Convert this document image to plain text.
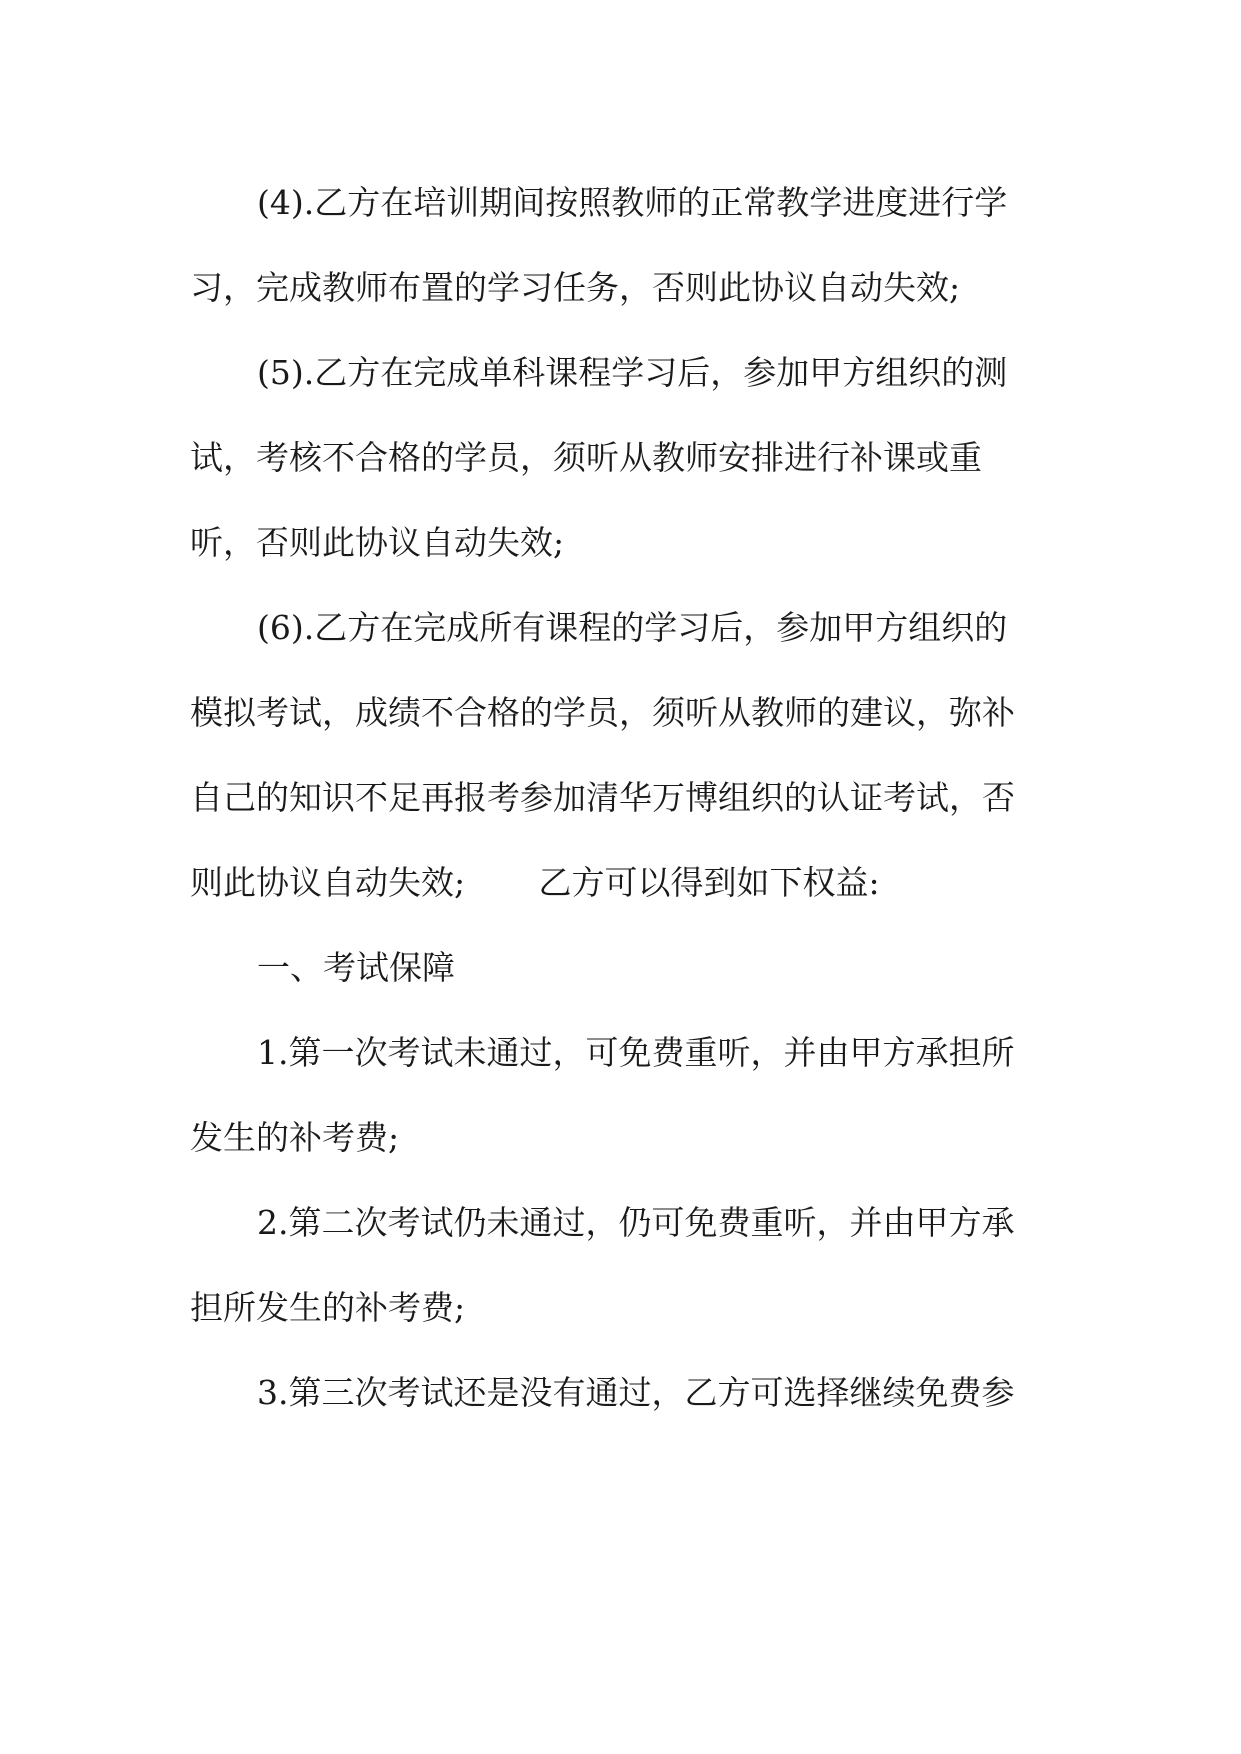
(4).乙方在培训期间按照教师的正常教学进度进行学

习，完成教师布置的学习任务，否则此协议自动失效;

(5).乙方在完成单科课程学习后，参加甲方组织的测

试，考核不合格的学员，须听从教师安排进行补课或重

听，否则此协议自动失效;

(6).乙方在完成所有课程的学习后，参加甲方组织的

模拟考试，成绩不合格的学员，须听从教师的建议，弥补

自己的知识不足再报考参加清华万博组织的认证考试，否

则此协议自动失效;       乙方可以得到如下权益:

一、考试保障

1.第一次考试未通过，可免费重听，并由甲方承担所

发生的补考费;

2.第二次考试仍未通过，仍可免费重听，并由甲方承

担所发生的补考费;

3.第三次考试还是没有通过，乙方可选择继续免费参
